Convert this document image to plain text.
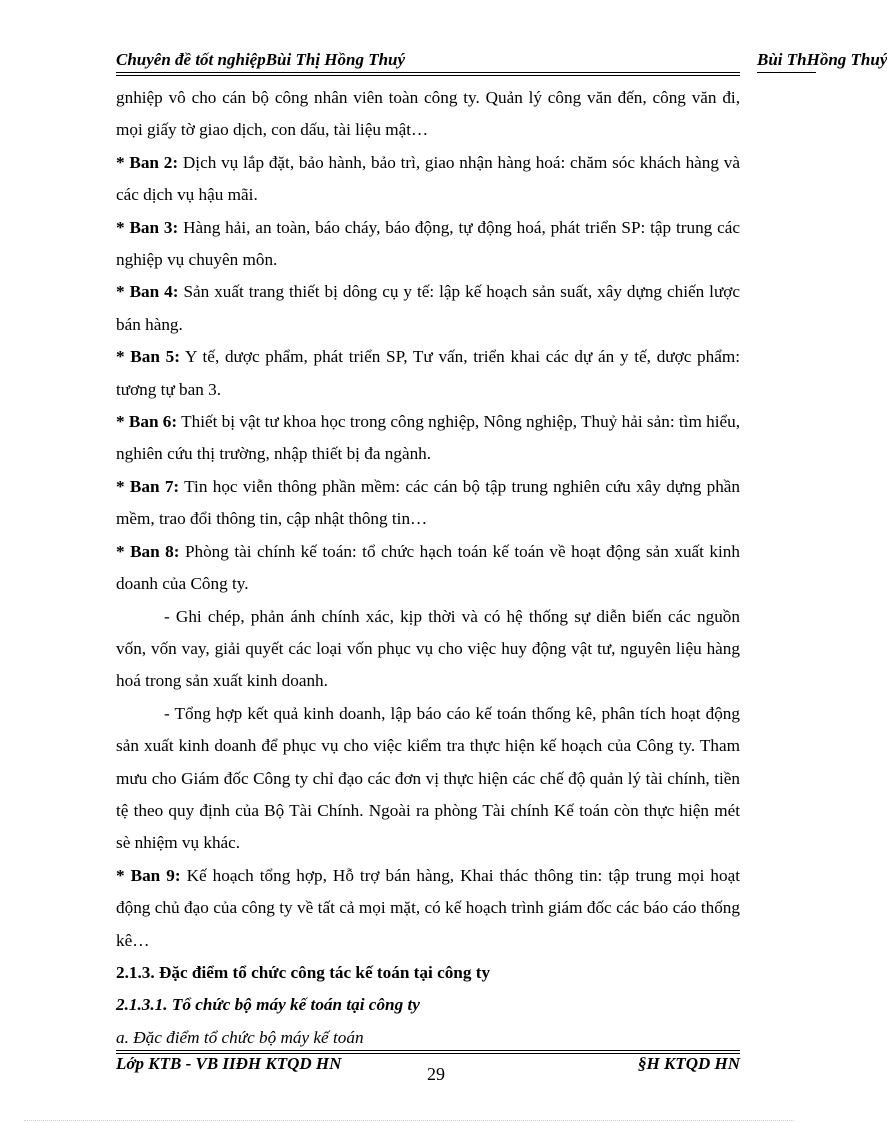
Chuyên đề tốt nghiệpBùi Thị Hồng Thuý	Bùi ThHồng Thuý

gnhiệp vô cho cán bộ công nhân viên toàn công ty. Quản lý công văn đến, công văn đi, mọi giấy tờ giao dịch, con dấu, tài liệu mật…

* Ban 2: Dịch vụ lắp đặt, bảo hành, bảo trì, giao nhận hàng hoá: chăm sóc khách hàng và các dịch vụ hậu mãi.

* Ban 3: Hàng hải, an toàn, báo cháy, báo động, tự động hoá, phát triển SP: tập trung các nghiệp vụ chuyên môn.

* Ban 4: Sản xuất trang thiết bị dông cụ y tế: lập kế hoạch sản suất, xây dựng chiến lược bán hàng.

* Ban 5: Y tế, dược phẩm, phát triển SP, Tư vấn, triển khai các dự án y tế, dược phẩm: tương tự ban 3.

* Ban 6: Thiết bị vật tư khoa học trong công nghiệp, Nông nghiệp, Thuỷ hải sản: tìm hiểu, nghiên cứu thị trường, nhập thiết bị đa ngành.

* Ban 7: Tin học viễn thông phần mềm: các cán bộ tập trung nghiên cứu xây dựng phần mềm, trao đổi thông tin, cập nhật thông tin…

* Ban 8: Phòng tài chính kế toán: tổ chức hạch toán kế toán về hoạt động sản xuất kinh doanh của Công ty.

- Ghi chép, phản ánh chính xác, kịp thời và có hệ thống sự diễn biến các nguồn vốn, vốn vay, giải quyết các loại vốn phục vụ cho việc huy động vật tư, nguyên liệu hàng hoá trong sản xuất kinh doanh.

- Tổng hợp kết quả kinh doanh, lập báo cáo kế toán thống kê, phân tích hoạt động sản xuất kinh doanh để phục vụ cho việc kiểm tra thực hiện kế hoạch của Công ty. Tham mưu cho Giám đốc Công ty chỉ đạo các đơn vị thực hiện các chế độ quản lý tài chính, tiền tệ theo quy định của Bộ Tài Chính. Ngoài ra phòng Tài chính Kế toán còn thực hiện mét sè nhiệm vụ khác.

* Ban 9: Kế hoạch tổng hợp, Hỗ trợ bán hàng, Khai thác thông tin: tập trung mọi hoạt động chủ đạo của công ty về tất cả mọi mặt, có kế hoạch trình giám đốc các báo cáo thống kê…

2.1.3. Đặc điểm tổ chức công tác kế toán tại công ty

2.1.3.1. Tổ chức bộ máy kế toán tại công ty

a. Đặc điểm tổ chức bộ máy kế toán

Lớp KTB - VB IIĐH KTQD HN
29
§H KTQD HN
